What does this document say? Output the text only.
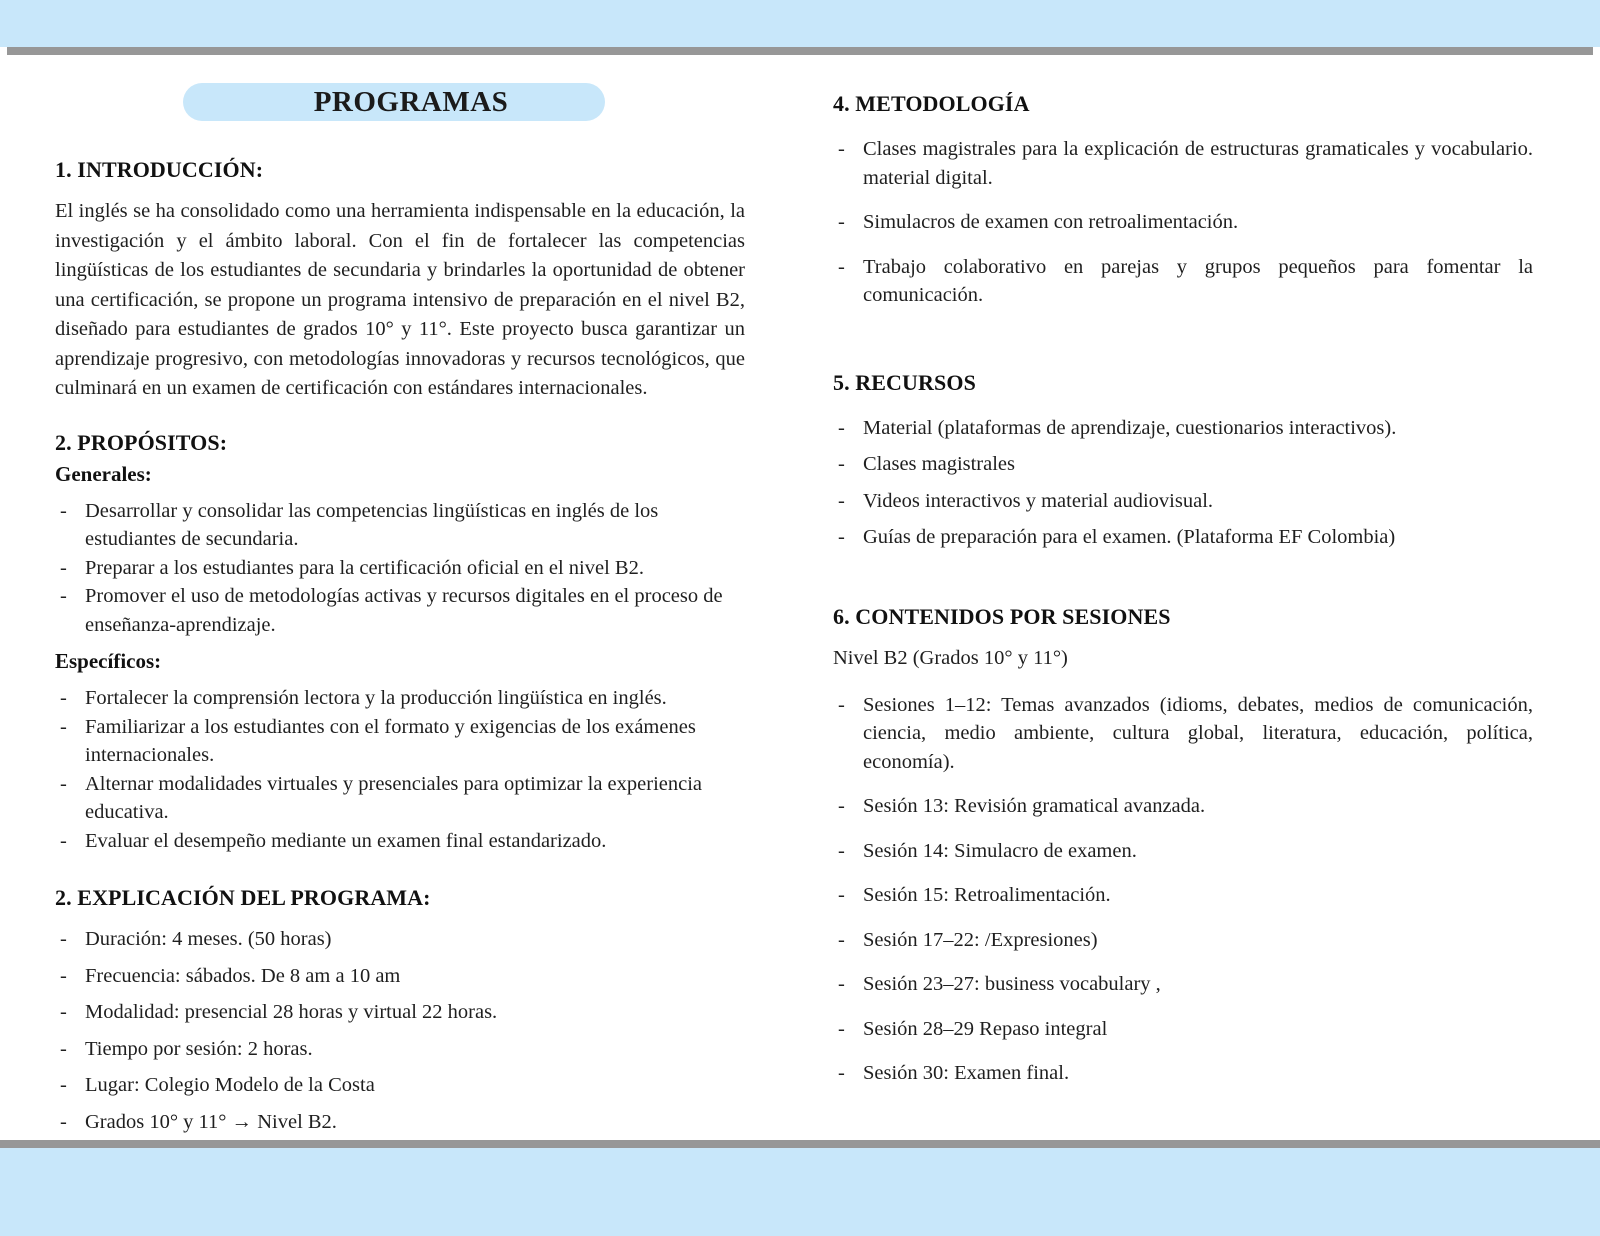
PROGRAMAS
1. INTRODUCCIÓN:

El inglés se ha consolidado como una herramienta indispensable en la educación, la investigación y el ámbito laboral. Con el fin de fortalecer las competencias lingüísticas de los estudiantes de secundaria y brindarles la oportunidad de obtener una certificación, se propone un programa intensivo de preparación en el nivel B2, diseñado para estudiantes de grados 10° y 11°. Este proyecto busca garantizar un aprendizaje progresivo, con metodologías innovadoras y recursos tecnológicos, que culminará en un examen de certificación con estándares internacionales.

2. PROPÓSITOS:
Generales:
- Desarrollar y consolidar las competencias lingüísticas en inglés de los estudiantes de secundaria.
- Preparar a los estudiantes para la certificación oficial en el nivel B2.
- Promover el uso de metodologías activas y recursos digitales en el proceso de enseñanza-aprendizaje.
Específicos:
- Fortalecer la comprensión lectora y la producción lingüística en inglés.
- Familiarizar a los estudiantes con el formato y exigencias de los exámenes internacionales.
- Alternar modalidades virtuales y presenciales para optimizar la experiencia educativa.
- Evaluar el desempeño mediante un examen final estandarizado.
2. EXPLICACIÓN DEL PROGRAMA:
- Duración: 4 meses. (50 horas)
- Frecuencia: sábados. De 8 am a 10 am
- Modalidad: presencial 28 horas y virtual 22 horas.
- Tiempo por sesión: 2 horas.
- Lugar: Colegio Modelo de la Costa
- Grados 10° y 11° → Nivel B2.
4. METODOLOGÍA
- Clases magistrales para la explicación de estructuras gramaticales y vocabulario. material digital.
- Simulacros de examen con retroalimentación.
- Trabajo colaborativo en parejas y grupos pequeños para fomentar la comunicación.
5. RECURSOS
- Material (plataformas de aprendizaje, cuestionarios interactivos).
- Clases magistrales
- Videos interactivos y material audiovisual.
- Guías de preparación para el examen. (Plataforma EF Colombia)
6. CONTENIDOS POR SESIONES

Nivel B2 (Grados 10° y 11°)

- Sesiones 1–12: Temas avanzados (idioms, debates, medios de comunicación, ciencia, medio ambiente, cultura global, literatura, educación, política, economía).
- Sesión 13: Revisión gramatical avanzada.
- Sesión 14: Simulacro de examen.
- Sesión 15: Retroalimentación.
- Sesión 17–22: /Expresiones)
- Sesión 23–27: business vocabulary ,
- Sesión 28–29 Repaso integral
- Sesión 30: Examen final.
